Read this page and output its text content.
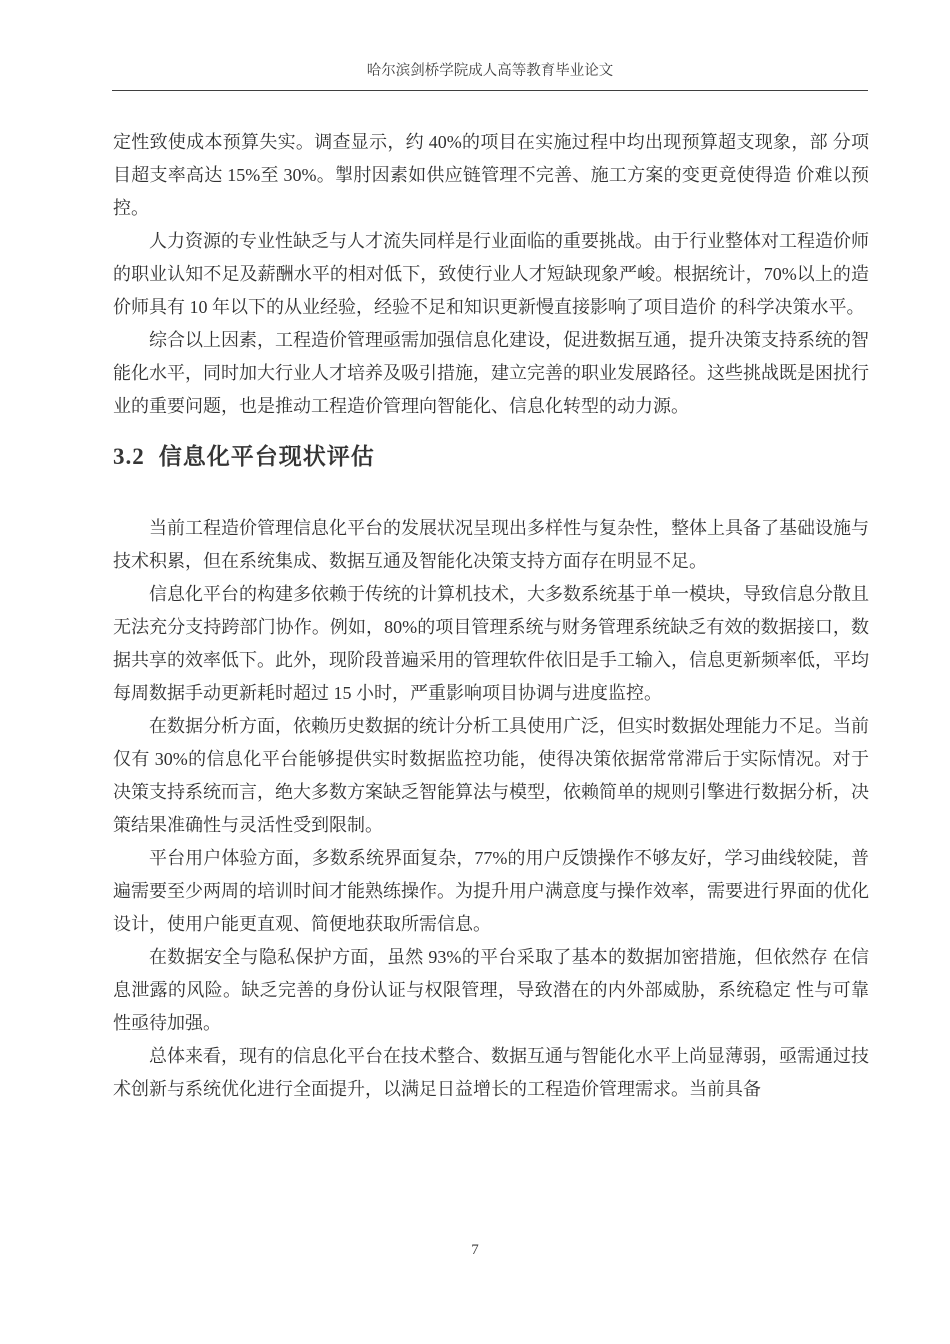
哈尔滨剑桥学院成人高等教育毕业论文

定性致使成本预算失实。调查显示，约 40%的项目在实施过程中均出现预算超支现象，部 分项目超支率高达 15%至 30%。掣肘因素如供应链管理不完善、施工方案的变更竟使得造 价难以预控。

人力资源的专业性缺乏与人才流失同样是行业面临的重要挑战。由于行业整体对工程造价师的职业认知不足及薪酬水平的相对低下，致使行业人才短缺现象严峻。根据统计，70%以上的造价师具有 10 年以下的从业经验，经验不足和知识更新慢直接影响了项目造价 的科学决策水平。

综合以上因素，工程造价管理亟需加强信息化建设，促进数据互通，提升决策支持系统的智能化水平，同时加大行业人才培养及吸引措施，建立完善的职业发展路径。这些挑战既是困扰行业的重要问题，也是推动工程造价管理向智能化、信息化转型的动力源。

3.2 信息化平台现状评估

当前工程造价管理信息化平台的发展状况呈现出多样性与复杂性，整体上具备了基础设施与技术积累，但在系统集成、数据互通及智能化决策支持方面存在明显不足。

信息化平台的构建多依赖于传统的计算机技术，大多数系统基于单一模块，导致信息分散且无法充分支持跨部门协作。例如，80%的项目管理系统与财务管理系统缺乏有效的数据接口，数据共享的效率低下。此外，现阶段普遍采用的管理软件依旧是手工输入，信息更新频率低，平均每周数据手动更新耗时超过 15 小时，严重影响项目协调与进度监控。

在数据分析方面，依赖历史数据的统计分析工具使用广泛，但实时数据处理能力不足。当前仅有 30%的信息化平台能够提供实时数据监控功能，使得决策依据常常滞后于实际情况。对于决策支持系统而言，绝大多数方案缺乏智能算法与模型，依赖简单的规则引擎进行数据分析，决策结果准确性与灵活性受到限制。

平台用户体验方面，多数系统界面复杂，77%的用户反馈操作不够友好，学习曲线较陡，普遍需要至少两周的培训时间才能熟练操作。为提升用户满意度与操作效率，需要进行界面的优化设计，使用户能更直观、简便地获取所需信息。

在数据安全与隐私保护方面，虽然 93%的平台采取了基本的数据加密措施，但依然存 在信息泄露的风险。缺乏完善的身份认证与权限管理，导致潜在的内外部威胁，系统稳定 性与可靠性亟待加强。

总体来看，现有的信息化平台在技术整合、数据互通与智能化水平上尚显薄弱，亟需通过技术创新与系统优化进行全面提升，以满足日益增长的工程造价管理需求。当前具备

7
